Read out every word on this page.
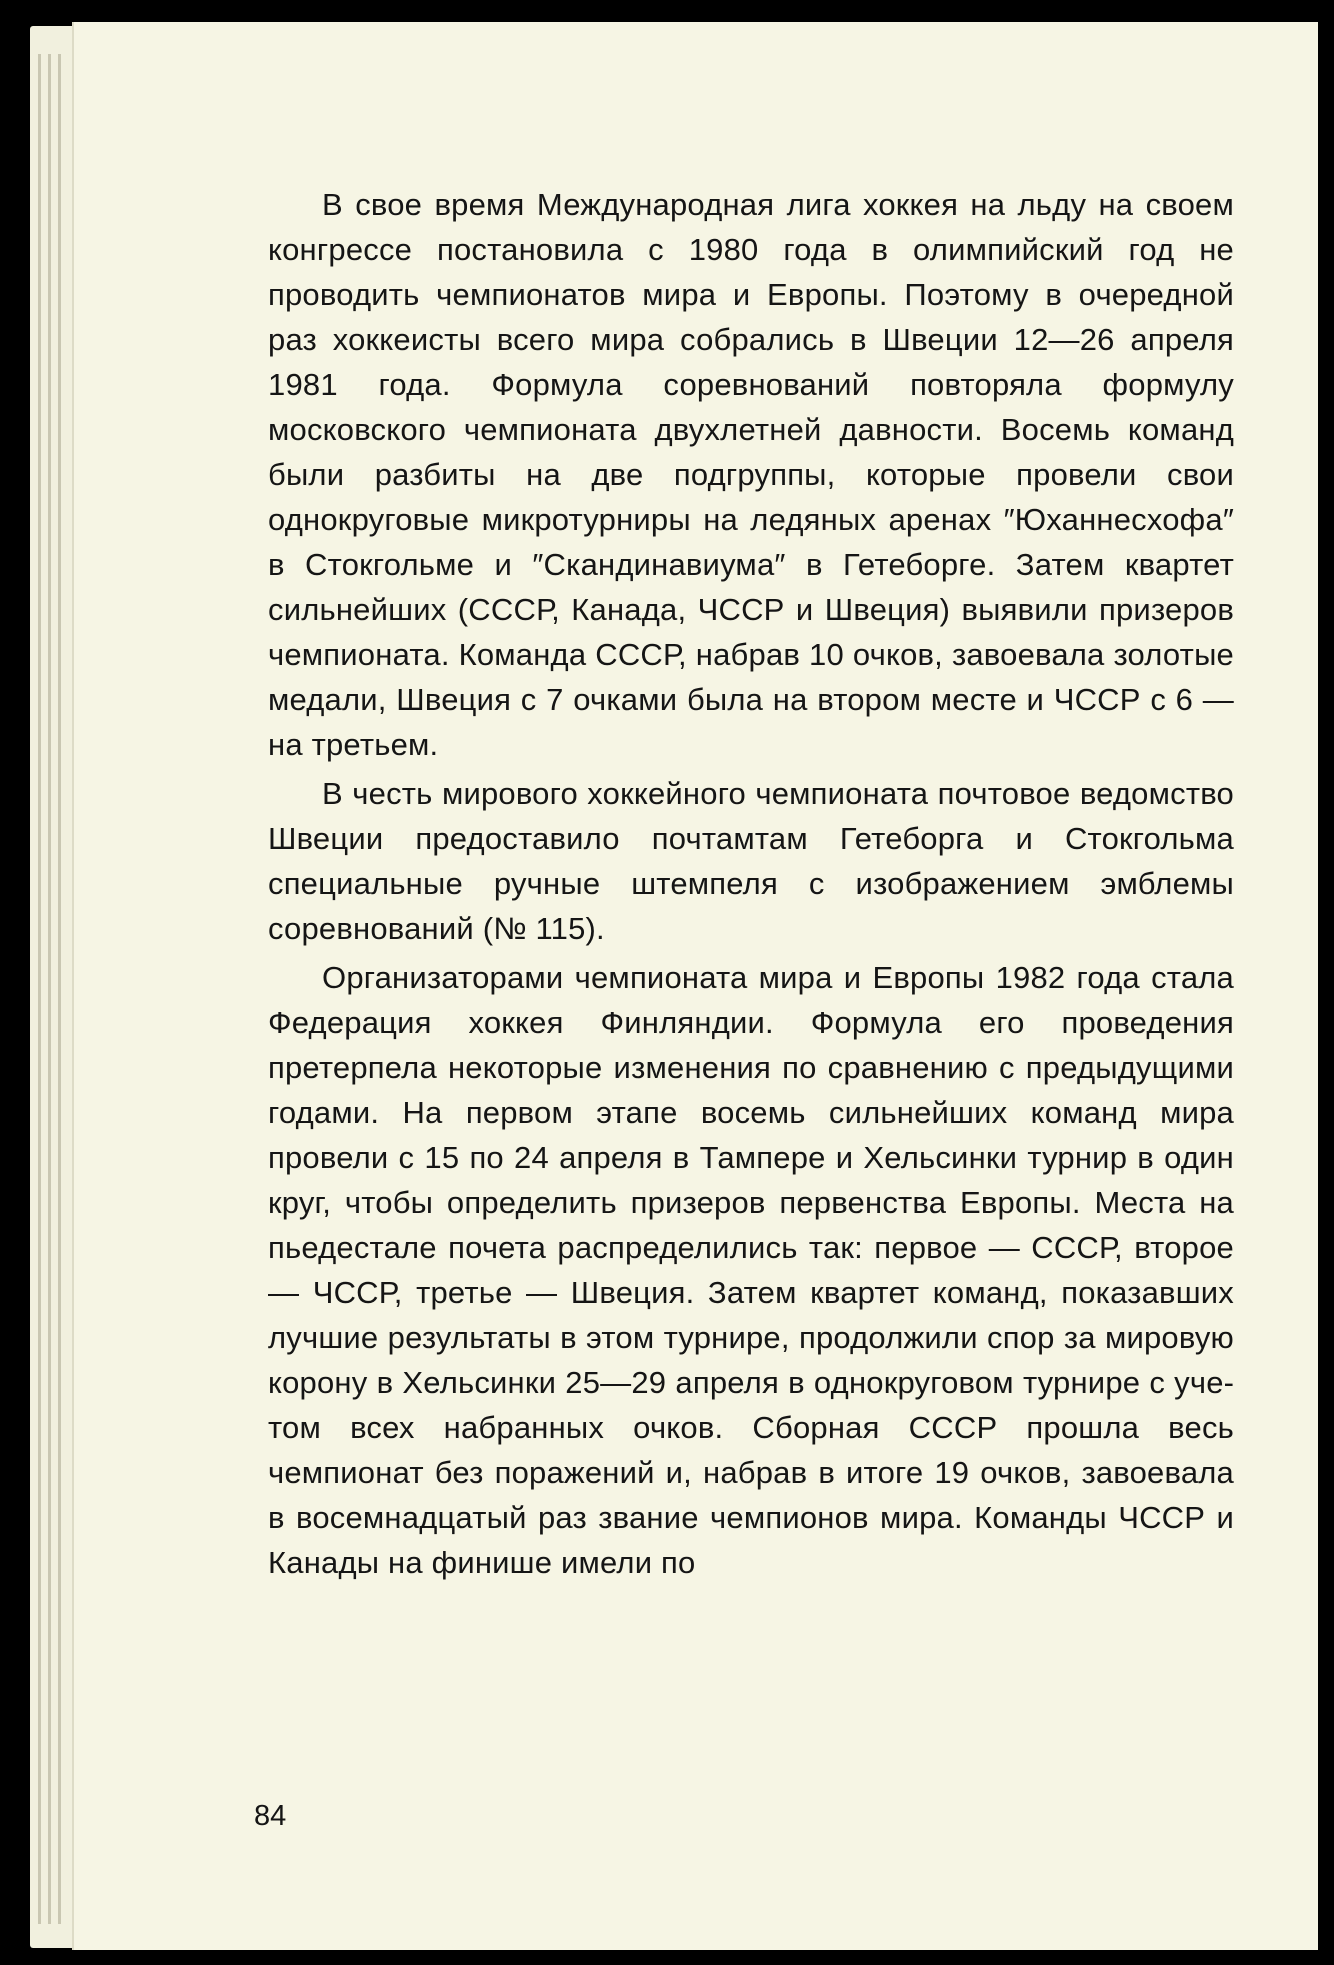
В свое время Международная лига хоккея на льду на своем конгрессе постановила с 1980 года в олимпийский год не проводить чемпионатов мира и Европы. Поэтому в очередной раз хоккеисты всего мира собрались в Швеции 12—26 апреля 1981 года. Формула соревнований повторяла формулу московского чемпионата двухлетней давности. Восемь команд были разбиты на две подгруппы, которые провели свои однокруговые микротурниры на ледяных аренах ″Юханнесхофа″ в Стокгольме и ″Скандинавиума″ в Гетеборге. Затем квартет сильнейших (СССР, Канада, ЧССР и Швеция) выявили призеров чемпионата. Команда СССР, набрав 10 очков, завоевала золотые медали, Швеция с 7 очками была на втором месте и ЧССР с 6 — на третьем.

В честь мирового хоккейного чемпионата почтовое ведомство Швеции предоставило почтамтам Гетеборга и Стокгольма специальные ручные штемпеля с изображением эмблемы соревнований (№ 115).

Организаторами чемпионата мира и Европы 1982 года стала Федерация хоккея Финляндии. Формула его проведения претерпела некоторые изменения по сравнению с предыдущими годами. На первом этапе восемь сильнейших команд мира провели с 15 по 24 апреля в Тампере и Хельсинки турнир в один круг, чтобы определить призеров первенства Европы. Места на пьедестале почета распределились так: первое — СССР, второе — ЧССР, третье — Швеция. Затем квартет команд, показавших лучшие результаты в этом турнире, продолжили спор за мировую корону в Хельсинки 25—29 апреля в однокруговом турнире с учетом всех набранных очков. Сборная СССР прошла весь чемпионат без поражений и, набрав в итоге 19 очков, завоевала в восемнадцатый раз звание чемпионов мира. Команды ЧССР и Канады на финише имели по

84
